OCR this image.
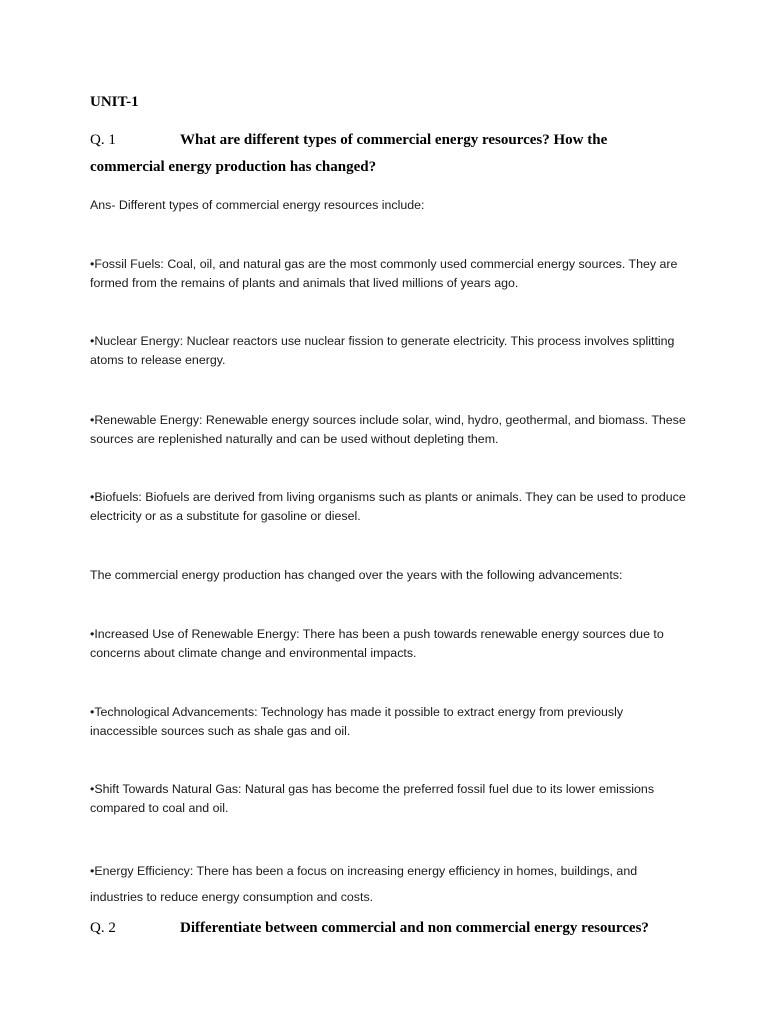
UNIT-1
Q. 1	What are different types of commercial energy resources? How the
commercial energy production has changed?
Ans- Different types of commercial energy resources include:
•Fossil Fuels: Coal, oil, and natural gas are the most commonly used commercial energy sources. They are formed from the remains of plants and animals that lived millions of years ago.
•Nuclear Energy: Nuclear reactors use nuclear fission to generate electricity. This process involves splitting atoms to release energy.
•Renewable Energy: Renewable energy sources include solar, wind, hydro, geothermal, and biomass. These sources are replenished naturally and can be used without depleting them.
•Biofuels: Biofuels are derived from living organisms such as plants or animals. They can be used to produce electricity or as a substitute for gasoline or diesel.
The commercial energy production has changed over the years with the following advancements:
•Increased Use of Renewable Energy: There has been a push towards renewable energy sources due to concerns about climate change and environmental impacts.
•Technological Advancements: Technology has made it possible to extract energy from previously inaccessible sources such as shale gas and oil.
•Shift Towards Natural Gas: Natural gas has become the preferred fossil fuel due to its lower emissions compared to coal and oil.
•Energy Efficiency: There has been a focus on increasing energy efficiency in homes, buildings, and industries to reduce energy consumption and costs.
Q. 2	Differentiate between commercial and non commercial energy resources?
